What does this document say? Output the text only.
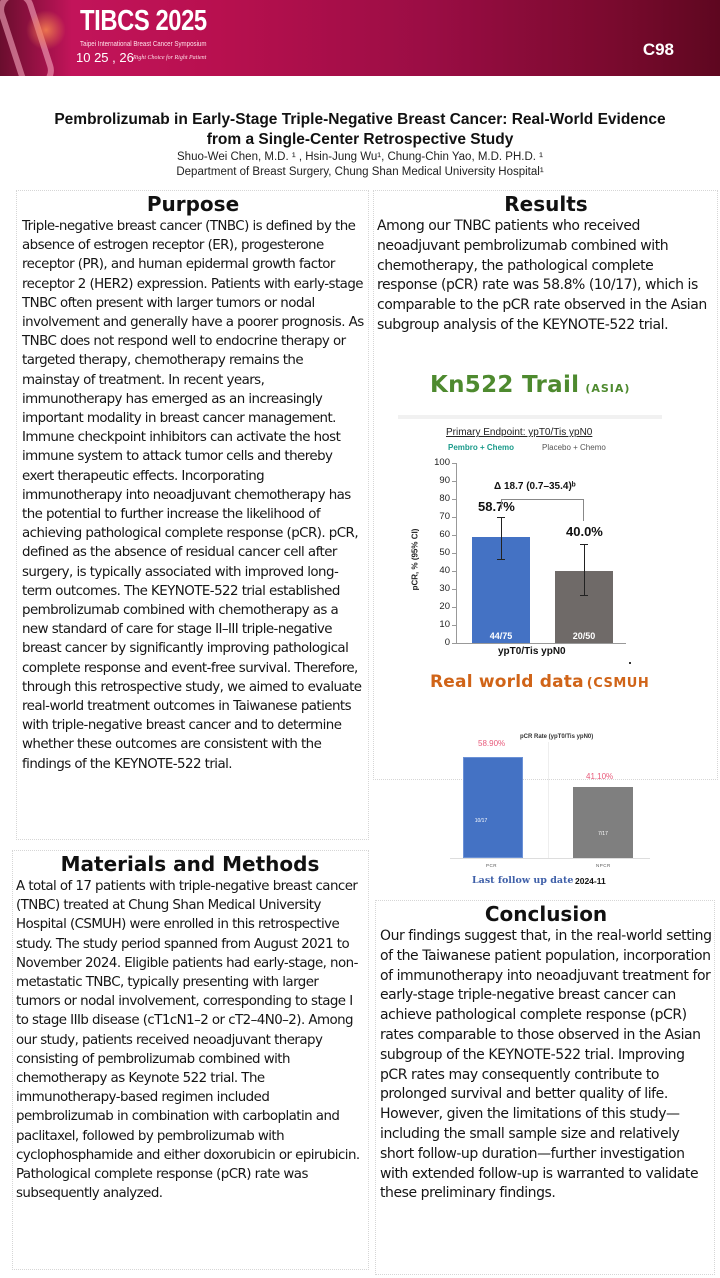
TIBCS 2025
Taipei International Breast Cancer Symposium
10 25 , 26 Right Choice for Right Patient	C98
Pembrolizumab in Early-Stage Triple-Negative Breast Cancer: Real-World Evidence
from a Single-Center Retrospective Study
Shuo-Wei Chen, M.D. ¹ , Hsin-Jung Wu¹, Chung-Chin Yao, M.D. PH.D. ¹
Department of Breast Surgery, Chung Shan Medical University Hospital¹
Purpose

Triple-negative breast cancer (TNBC) is defined by the absence of estrogen receptor (ER), progesterone receptor (PR), and human epidermal growth factor receptor 2 (HER2) expression. Patients with early-stage TNBC often present with larger tumors or nodal involvement and generally have a poorer prognosis. As TNBC does not respond well to endocrine therapy or targeted therapy, chemotherapy remains the mainstay of treatment. In recent years, immunotherapy has emerged as an increasingly important modality in breast cancer management. Immune checkpoint inhibitors can activate the host immune system to attack tumor cells and thereby exert therapeutic effects. Incorporating immunotherapy into neoadjuvant chemotherapy has the potential to further increase the likelihood of achieving pathological complete response (pCR). pCR, defined as the absence of residual cancer cell after surgery, is typically associated with improved long-term outcomes. The KEYNOTE-522 trial established pembrolizumab combined with chemotherapy as a new standard of care for stage II–III triple-negative breast cancer by significantly improving pathological complete response and event-free survival. Therefore, through this retrospective study, we aimed to evaluate real-world treatment outcomes in Taiwanese patients with triple-negative breast cancer and to determine whether these outcomes are consistent with the findings of the KEYNOTE-522 trial.

Materials and Methods

A total of 17 patients with triple-negative breast cancer (TNBC) treated at Chung Shan Medical University Hospital (CSMUH) were enrolled in this retrospective study. The study period spanned from August 2021 to November 2024. Eligible patients had early-stage, non-metastatic TNBC, typically presenting with larger tumors or nodal involvement, corresponding to stage I to stage IIIb disease (cT1cN1–2 or cT2–4N0–2). Among our study, patients received neoadjuvant therapy consisting of pembrolizumab combined with chemotherapy as Keynote 522 trial. The immunotherapy-based regimen included pembrolizumab in combination with carboplatin and paclitaxel, followed by pembrolizumab with cyclophosphamide and either doxorubicin or epirubicin. Pathological complete response (pCR) rate was subsequently analyzed.

Results

Among our TNBC patients who received neoadjuvant pembrolizumab combined with chemotherapy, the pathological complete response (pCR) rate was 58.8% (10/17), which is comparable to the pCR rate observed in the Asian subgroup analysis of the KEYNOTE-522 trial.

Kn522 Trail (ASIA)
Primary Endpoint: ypT0/Tis ypN0
Pembro + Chemo	Placebo + Chemo
pCR, % (95% CI)
0
10
20
30
40
50
60
70
80
90
100
44/75
58.7%
20/50
40.0%
Δ 18.7 (0.7–35.4)ᵇ
ypT0/Tis ypN0
Real world data (CSMUH
pCR Rate (ypT0/Tis ypN0)
58.90%
10/17
41.10%
7/17
PCR	NPCR
Last follow up date 2024-11
Conclusion

Our findings suggest that, in the real-world setting of the Taiwanese patient population, incorporation of immunotherapy into neoadjuvant treatment for early-stage triple-negative breast cancer can achieve pathological complete response (pCR) rates comparable to those observed in the Asian subgroup of the KEYNOTE-522 trial. Improving pCR rates may consequently contribute to prolonged survival and better quality of life. However, given the limitations of this study—including the small sample size and relatively short follow-up duration—further investigation with extended follow-up is warranted to validate these preliminary findings.
